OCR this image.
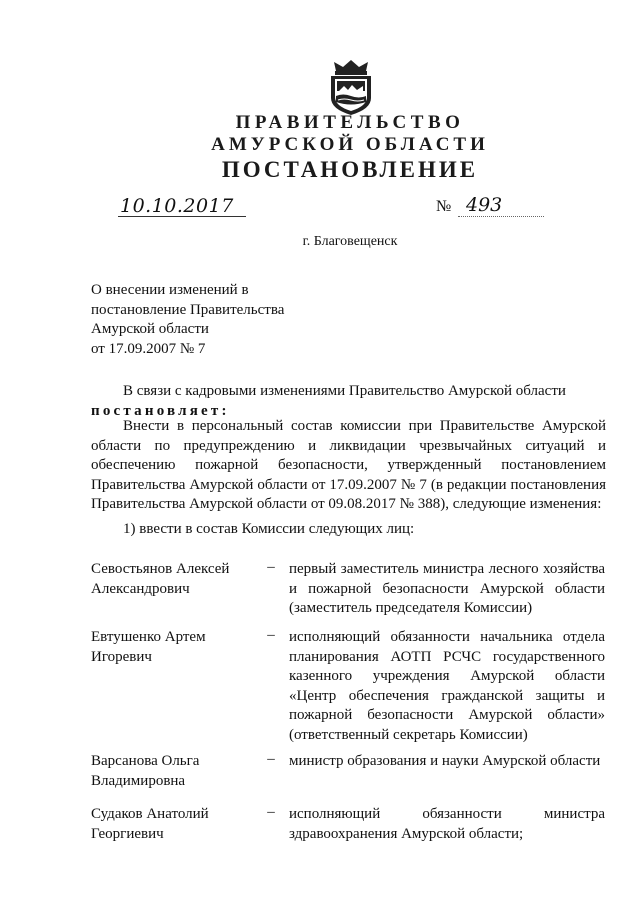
ПРАВИТЕЛЬСТВО
АМУРСКОЙ ОБЛАСТИ
ПОСТАНОВЛЕНИЕ
10.10.2017	№ 493
г. Благовещенск
О внесении изменений в
постановление Правительства
Амурской области
от 17.09.2007 № 7
В связи с кадровыми изменениями Правительство Амурской области
постановляет:
Внести в персональный состав комиссии при Правительстве Амурской области по предупреждению и ликвидации чрезвычайных ситуаций и обеспечению пожарной безопасности, утвержденный постановлением Правительства Амурской области от 17.09.2007 № 7 (в редакции постановления Правительства Амурской области от 09.08.2017 № 388), следующие изменения:
1) ввести в состав Комиссии следующих лиц:
Севостьянов Алексей Александрович
– первый заместитель министра лесного хозяйства и пожарной безопасности Амурской области (заместитель председателя Комиссии)
Евтушенко Артем Игоревич
– исполняющий обязанности начальника отдела планирования АОТП РСЧС государственного казенного учреждения Амурской области «Центр обеспечения гражданской защиты и пожарной безопасности Амурской области» (ответственный секретарь Комиссии)
Варсанова Ольга Владимировна
– министр образования и науки Амурской области
Судаков Анатолий Георгиевич
– исполняющий обязанности министра здравоохранения Амурской области;
